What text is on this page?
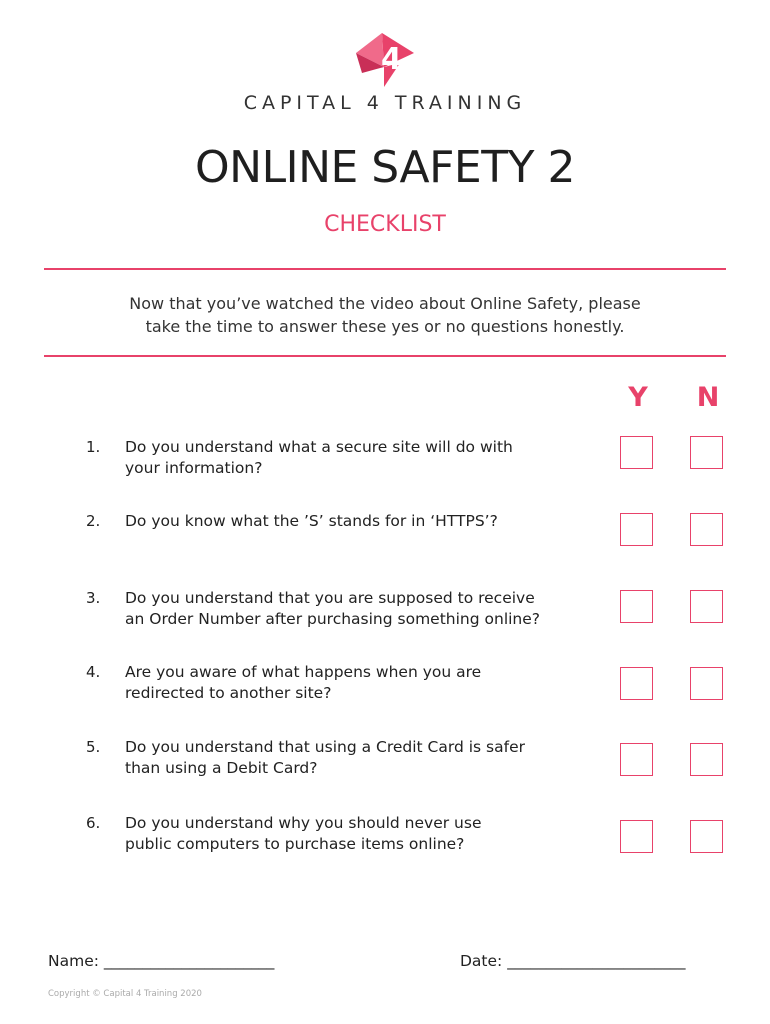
4
CAPITAL 4 TRAINING
ONLINE SAFETY 2
CHECKLIST
Now that you’ve watched the video about Online Safety, please
take the time to answer these yes or no questions honestly.
Y	N
1. Do you understand what a secure site will do with
your information?
2. Do you know what the ’S’ stands for in ‘HTTPS’?
3. Do you understand that you are supposed to receive
an Order Number after purchasing something online?
4. Are you aware of what happens when you are
redirected to another site?
5. Do you understand that using a Credit Card is safer
than using a Debit Card?
6. Do you understand why you should never use
public computers to purchase items online?
Name: ______________________	Date: _______________________
Copyright © Capital 4 Training 2020
